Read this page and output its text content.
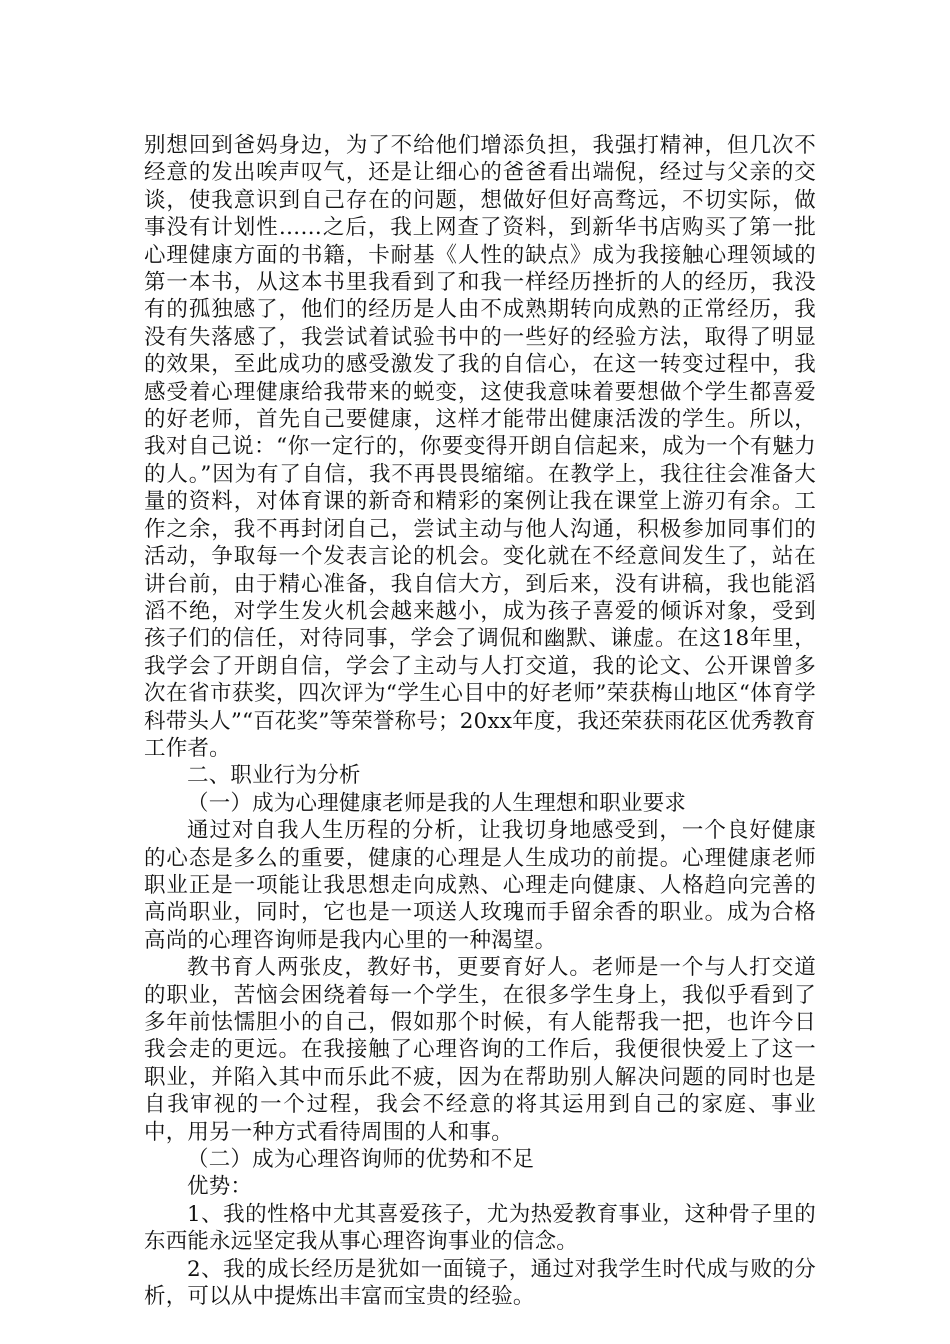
别想回到爸妈身边，为了不给他们增添负担，我强打精神，但几次不经意的发出唉声叹气，还是让细心的爸爸看出端倪，经过与父亲的交谈，使我意识到自己存在的问题，想做好但好高骛远，不切实际，做事没有计划性……之后，我上网查了资料，到新华书店购买了第一批心理健康方面的书籍，卡耐基《人性的缺点》成为我接触心理领域的第一本书，从这本书里我看到了和我一样经历挫折的人的经历，我没有的孤独感了，他们的经历是人由不成熟期转向成熟的正常经历，我没有失落感了，我尝试着试验书中的一些好的经验方法，取得了明显的效果，至此成功的感受激发了我的自信心，在这一转变过程中，我感受着心理健康给我带来的蜕变，这使我意味着要想做个学生都喜爱的好老师，首先自己要健康，这样才能带出健康活泼的学生。所以，我对自己说：“你一定行的，你要变得开朗自信起来，成为一个有魅力的人。”因为有了自信，我不再畏畏缩缩。在教学上，我往往会准备大量的资料，对体育课的新奇和精彩的案例让我在课堂上游刃有余。工作之余，我不再封闭自己，尝试主动与他人沟通，积极参加同事们的活动，争取每一个发表言论的机会。变化就在不经意间发生了，站在讲台前，由于精心准备，我自信大方，到后来，没有讲稿，我也能滔滔不绝，对学生发火机会越来越小，成为孩子喜爱的倾诉对象，受到孩子们的信任，对待同事，学会了调侃和幽默、谦虚。在这18年里，我学会了开朗自信，学会了主动与人打交道，我的论文、公开课曾多次在省市获奖，四次评为“学生心目中的好老师”荣获梅山地区“体育学科带头人”“百花奖”等荣誉称号；20xx年度，我还荣获雨花区优秀教育工作者。

二、职业行为分析

（一）成为心理健康老师是我的人生理想和职业要求

通过对自我人生历程的分析，让我切身地感受到，一个良好健康的心态是多么的重要，健康的心理是人生成功的前提。心理健康老师职业正是一项能让我思想走向成熟、心理走向健康、人格趋向完善的高尚职业，同时，它也是一项送人玫瑰而手留余香的职业。成为合格高尚的心理咨询师是我内心里的一种渴望。

教书育人两张皮，教好书，更要育好人。老师是一个与人打交道的职业，苦恼会困绕着每一个学生，在很多学生身上，我似乎看到了多年前怯懦胆小的自己，假如那个时候，有人能帮我一把，也许今日我会走的更远。在我接触了心理咨询的工作后，我便很快爱上了这一职业，并陷入其中而乐此不疲，因为在帮助别人解决问题的同时也是自我审视的一个过程，我会不经意的将其运用到自己的家庭、事业中，用另一种方式看待周围的人和事。

（二）成为心理咨询师的优势和不足

优势：

1、我的性格中尤其喜爱孩子，尤为热爱教育事业，这种骨子里的东西能永远坚定我从事心理咨询事业的信念。

2、我的成长经历是犹如一面镜子，通过对我学生时代成与败的分析，可以从中提炼出丰富而宝贵的经验。
